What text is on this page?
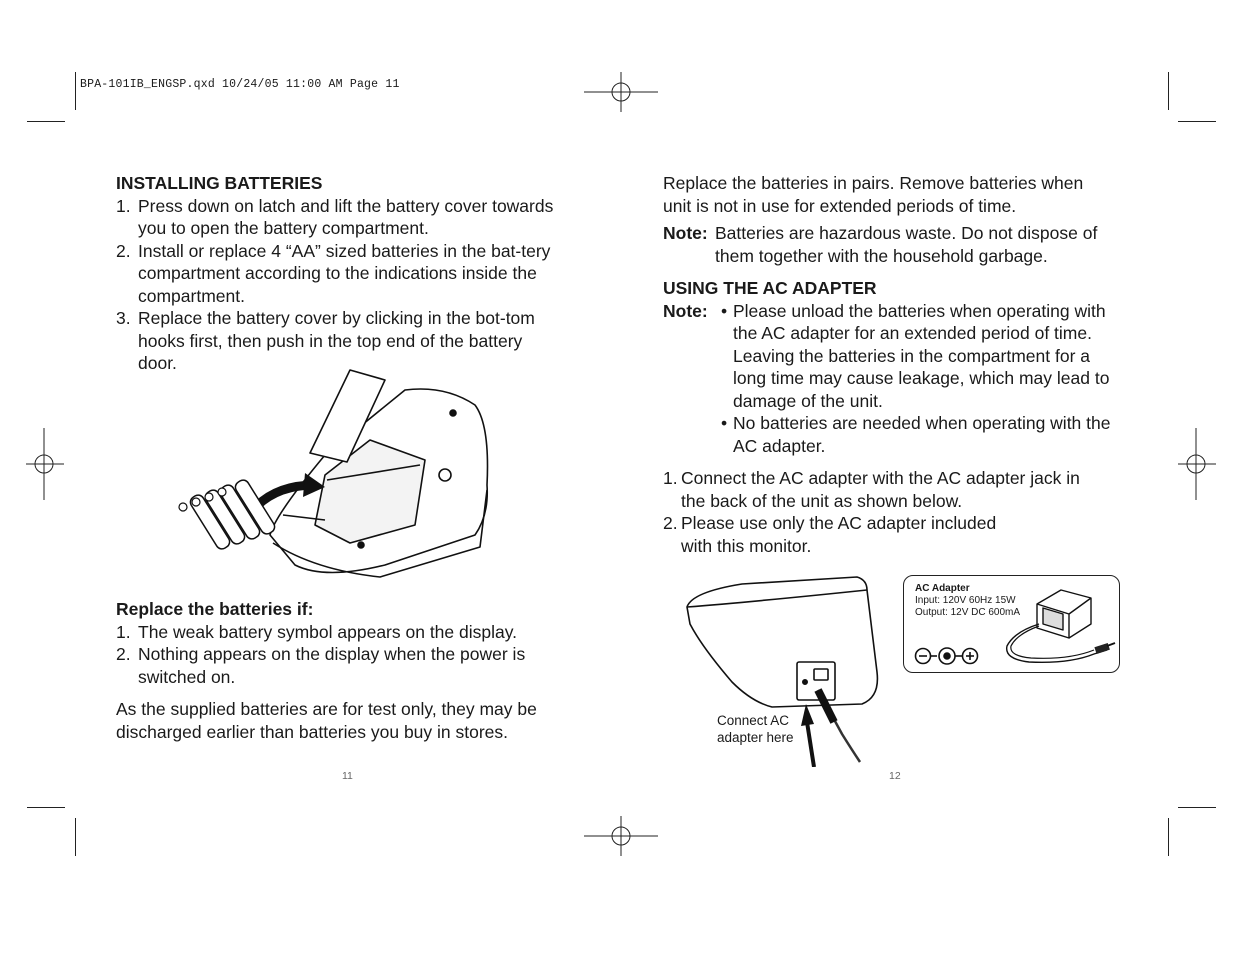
BPA-101IB_ENGSP.qxd 10/24/05 11:00 AM Page 11
INSTALLING BATTERIES
1. Press down on latch and lift the battery cover towards you to open the battery compartment.
2. Install or replace 4 “AA” sized batteries in the bat-tery compartment according to the indications inside the compartment.
3. Replace the battery cover by clicking in the bot-tom hooks first, then push in the top end of the battery door.
Replace the batteries if:
1. The weak battery symbol appears on the display.
2. Nothing appears on the display when the power is switched on.
As the supplied batteries are for test only, they may be discharged earlier than batteries you buy in stores.
11
Replace the batteries in pairs. Remove batteries when unit is not in use for extended periods of time.
Note: Batteries are hazardous waste. Do not dispose of them together with the household garbage.
USING THE AC ADAPTER
Note: • Please unload the batteries when operating with the AC adapter for an extended period of time. Leaving the batteries in the compartment for a long time may cause leakage, which may lead to damage of the unit.
• No batteries are needed when operating with the AC adapter.
1. Connect the AC adapter with the AC adapter jack in the back of the unit as shown below.
2. Please use only the AC adapter included with this monitor.
Connect AC
adapter here
AC Adapter
Input: 120V 60Hz 15W
Output: 12V DC 600mA
12
